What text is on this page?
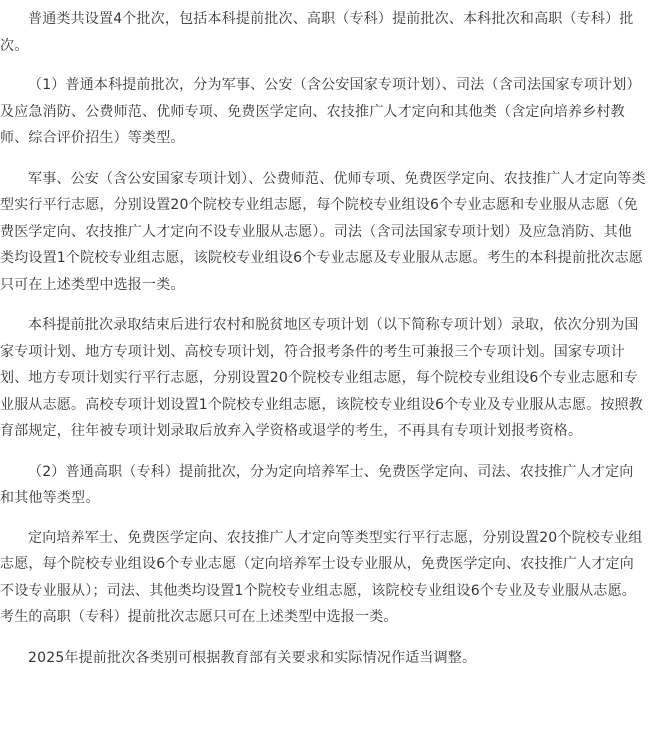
普通类共设置4个批次，包括本科提前批次、高职（专科）提前批次、本科批次和高职（专科）批次。

（1）普通本科提前批次，分为军事、公安（含公安国家专项计划）、司法（含司法国家专项计划）及应急消防、公费师范、优师专项、免费医学定向、农技推广人才定向和其他类（含定向培养乡村教师、综合评价招生）等类型。

军事、公安（含公安国家专项计划）、公费师范、优师专项、免费医学定向、农技推广人才定向等类型实行平行志愿，分别设置20个院校专业组志愿，每个院校专业组设6个专业志愿和专业服从志愿（免费医学定向、农技推广人才定向不设专业服从志愿）。司法（含司法国家专项计划）及应急消防、其他类均设置1个院校专业组志愿，该院校专业组设6个专业志愿及专业服从志愿。考生的本科提前批次志愿只可在上述类型中选报一类。

本科提前批次录取结束后进行农村和脱贫地区专项计划（以下简称专项计划）录取，依次分别为国家专项计划、地方专项计划、高校专项计划，符合报考条件的考生可兼报三个专项计划。国家专项计划、地方专项计划实行平行志愿，分别设置20个院校专业组志愿，每个院校专业组设6个专业志愿和专业服从志愿。高校专项计划设置1个院校专业组志愿，该院校专业组设6个专业及专业服从志愿。按照教育部规定，往年被专项计划录取后放弃入学资格或退学的考生，不再具有专项计划报考资格。

（2）普通高职（专科）提前批次，分为定向培养军士、免费医学定向、司法、农技推广人才定向和其他等类型。

定向培养军士、免费医学定向、农技推广人才定向等类型实行平行志愿，分别设置20个院校专业组志愿，每个院校专业组设6个专业志愿（定向培养军士设专业服从，免费医学定向、农技推广人才定向不设专业服从）；司法、其他类均设置1个院校专业组志愿，该院校专业组设6个专业及专业服从志愿。考生的高职（专科）提前批次志愿只可在上述类型中选报一类。

2025年提前批次各类别可根据教育部有关要求和实际情况作适当调整。
